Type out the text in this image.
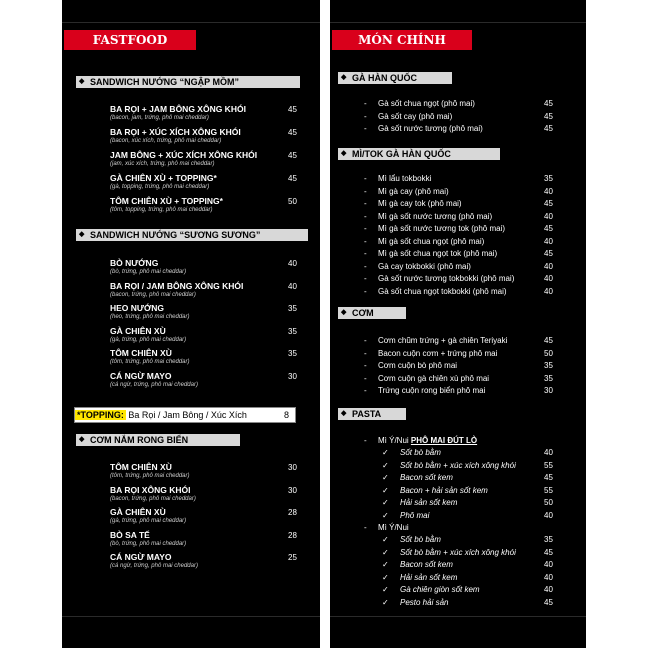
FASTFOOD
◆ SANDWICH NƯỚNG “NGẬP MỒM”
◆ SANDWICH NƯỚNG “SƯƠNG SƯƠNG”
◆ CƠM NẮM RONG BIỂN
*TOPPING: Ba Rọi / Jam Bông / Xúc Xích	8
BA RỌI + JAM BÔNG XÔNG KHÓI	45
(bacon, jam, trứng, phô mai cheddar)
BA RỌI + XÚC XÍCH XÔNG KHÓI	45
(bacon, xúc xích, trứng, phô mai cheddar)
JAM BÔNG + XÚC XÍCH XÔNG KHÓI	45
(jam, xúc xích, trứng, phô mai cheddar)
GÀ CHIÊN XÙ + TOPPING*	45
(gà, topping, trứng, phô mai cheddar)
TÔM CHIÊN XÙ + TOPPING*	50
(tôm, topping, trứng, phô mai cheddar)
BÒ NƯỚNG	40
(bò, trứng, phô mai cheddar)
BA RỌI / JAM BÔNG XÔNG KHÓI	40
(bacon, trứng, phô mai cheddar)
HEO NƯỚNG	35
(heo, trứng, phô mai cheddar)
GÀ CHIÊN XÙ	35
(gà, trứng, phô mai cheddar)
TÔM CHIÊN XÙ	35
(tôm, trứng, phô mai cheddar)
CÁ NGỪ MAYO	30
(cá ngừ, trứng, phô mai cheddar)
TÔM CHIÊN XÙ	30
(tôm, trứng, phô mai cheddar)
BA RỌI XÔNG KHÓI	30
(bacon, trứng, phô mai cheddar)
GÀ CHIÊN XÙ	28
(gà, trứng, phô mai cheddar)
BÒ SA TẾ	28
(bò, trứng, phô mai cheddar)
CÁ NGỪ MAYO	25
(cá ngừ, trứng, phô mai cheddar)
MÓN CHÍNH
◆ GÀ HÀN QUỐC
◆ MÌ/TOK GÀ HÀN QUỐC
◆ CƠM
◆ PASTA
- Gà sốt chua ngọt (phô mai)	45
- Gà sốt cay (phô mai)	45
- Gà sốt nước tương (phô mai)	45
- Mì lẩu tokbokki	35
- Mì gà cay (phô mai)	40
- Mì gà cay tok (phô mai)	45
- Mì gà sốt nước tương (phô mai)	40
- Mì gà sốt nước tương tok (phô mai)	45
- Mì gà sốt chua ngọt (phô mai)	40
- Mì gà sốt chua ngọt tok (phô mai)	45
- Gà cay tokbokki (phô mai)	40
- Gà sốt nước tương tokbokki (phô mai)	40
- Gà sốt chua ngọt tokbokki (phô mai)	40
- Cơm chũm trứng + gà chiên Teriyaki	45
- Bacon cuộn cơm + trứng phô mai	50
- Cơm cuộn bò phô mai	35
- Cơm cuộn gà chiên xù phô mai	35
- Trứng cuộn rong biển phô mai	30
- Mì Ý/Nui PHÔ MAI ĐÚT LÒ
✓ Sốt bò bằm	40
✓ Sốt bò bằm + xúc xích xông khói	55
✓ Bacon sốt kem	45
✓ Bacon + hải sản sốt kem	55
✓ Hải sản sốt kem	50
✓ Phô mai	40
- Mì Ý/Nui
✓ Sốt bò bằm	35
✓ Sốt bò bằm + xúc xích xông khói	45
✓ Bacon sốt kem	40
✓ Hải sản sốt kem	40
✓ Gà chiên giòn sốt kem	40
✓ Pesto hải sản	45
